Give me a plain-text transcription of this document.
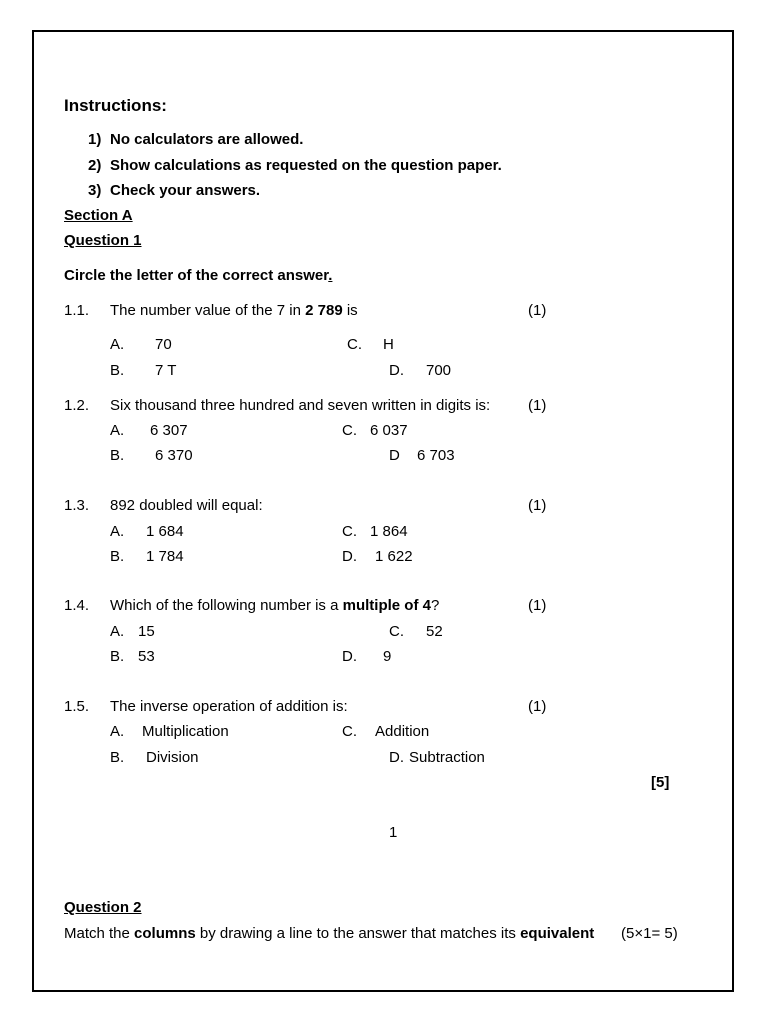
Instructions:
1) No calculators are allowed.
2) Show calculations as requested on the question paper.
3) Check your answers.
Section A
Question 1
Circle the letter of the correct answer.
1.1. The number value of the 7 in 2 789 is	(1)
A. 70	C. H
B. 7 T	D. 700
1.2. Six thousand three hundred and seven written in digits is:	(1)
A. 6 307	C. 6 037
B. 6 370	D 6 703
1.3. 892 doubled will equal:	(1)
A. 1 684	C. 1 864
B. 1 784	D. 1 622
1.4. Which of the following number is a multiple of 4?	(1)
A. 15	C. 52
B. 53	D. 9
1.5. The inverse operation of addition is:	(1)
A. Multiplication	C. Addition
B. Division	D. Subtraction
[5]
1
Question 2
Match the columns by drawing a line to the answer that matches its equivalent (5×1= 5)
